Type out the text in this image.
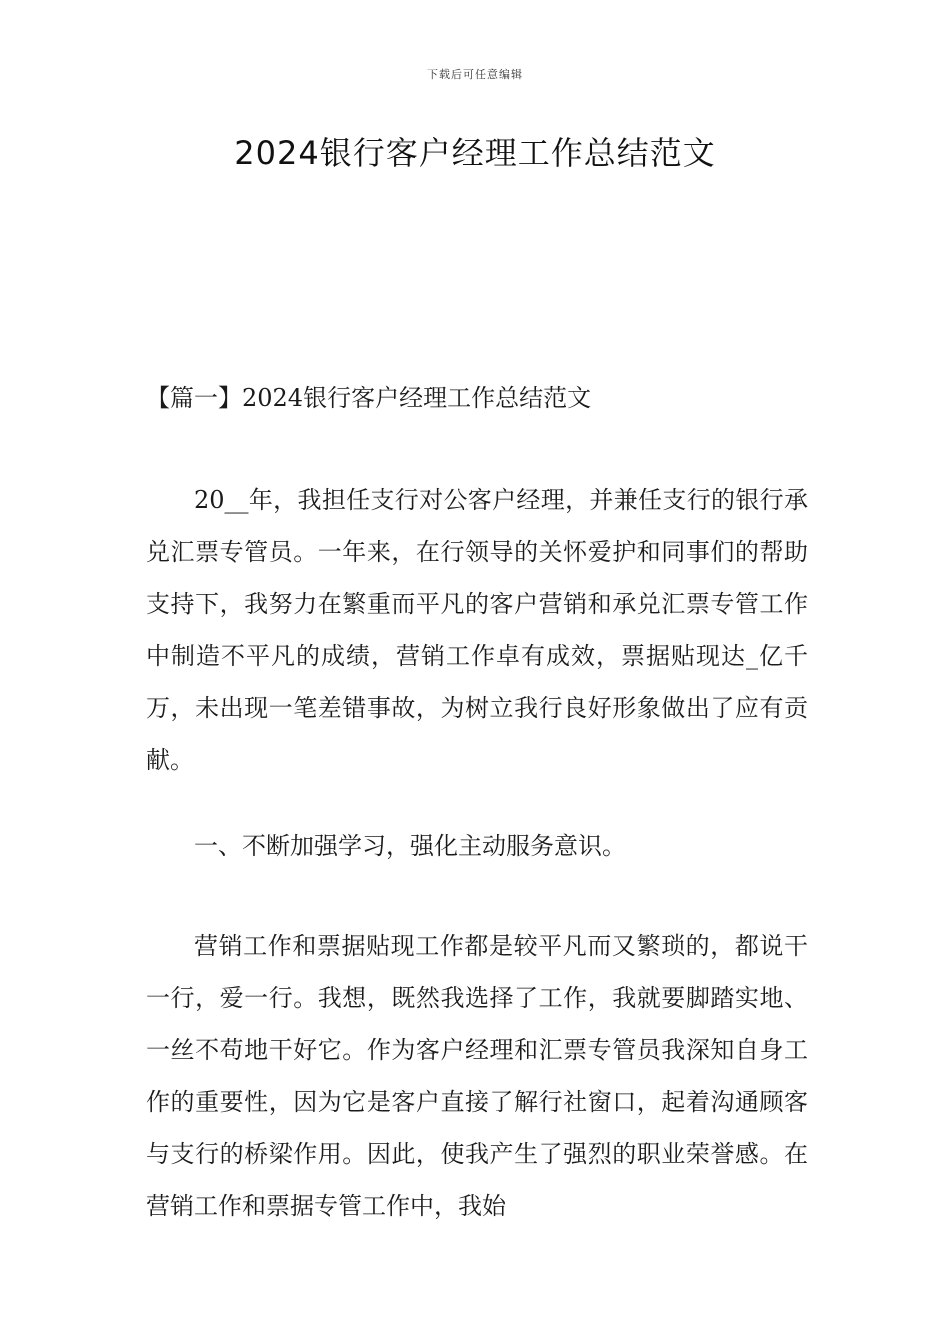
下载后可任意编辑
2024银行客户经理工作总结范文

【篇一】2024银行客户经理工作总结范文

20__年，我担任支行对公客户经理，并兼任支行的银行承兑汇票专管员。一年来，在行领导的关怀爱护和同事们的帮助支持下，我努力在繁重而平凡的客户营销和承兑汇票专管工作中制造不平凡的成绩，营销工作卓有成效，票据贴现达_亿千万，未出现一笔差错事故，为树立我行良好形象做出了应有贡献。

一、不断加强学习，强化主动服务意识。

营销工作和票据贴现工作都是较平凡而又繁琐的，都说干一行，爱一行。我想，既然我选择了工作，我就要脚踏实地、一丝不苟地干好它。作为客户经理和汇票专管员我深知自身工作的重要性，因为它是客户直接了解行社窗口，起着沟通顾客与支行的桥梁作用。因此，使我产生了强烈的职业荣誉感。在营销工作和票据专管工作中，我始
